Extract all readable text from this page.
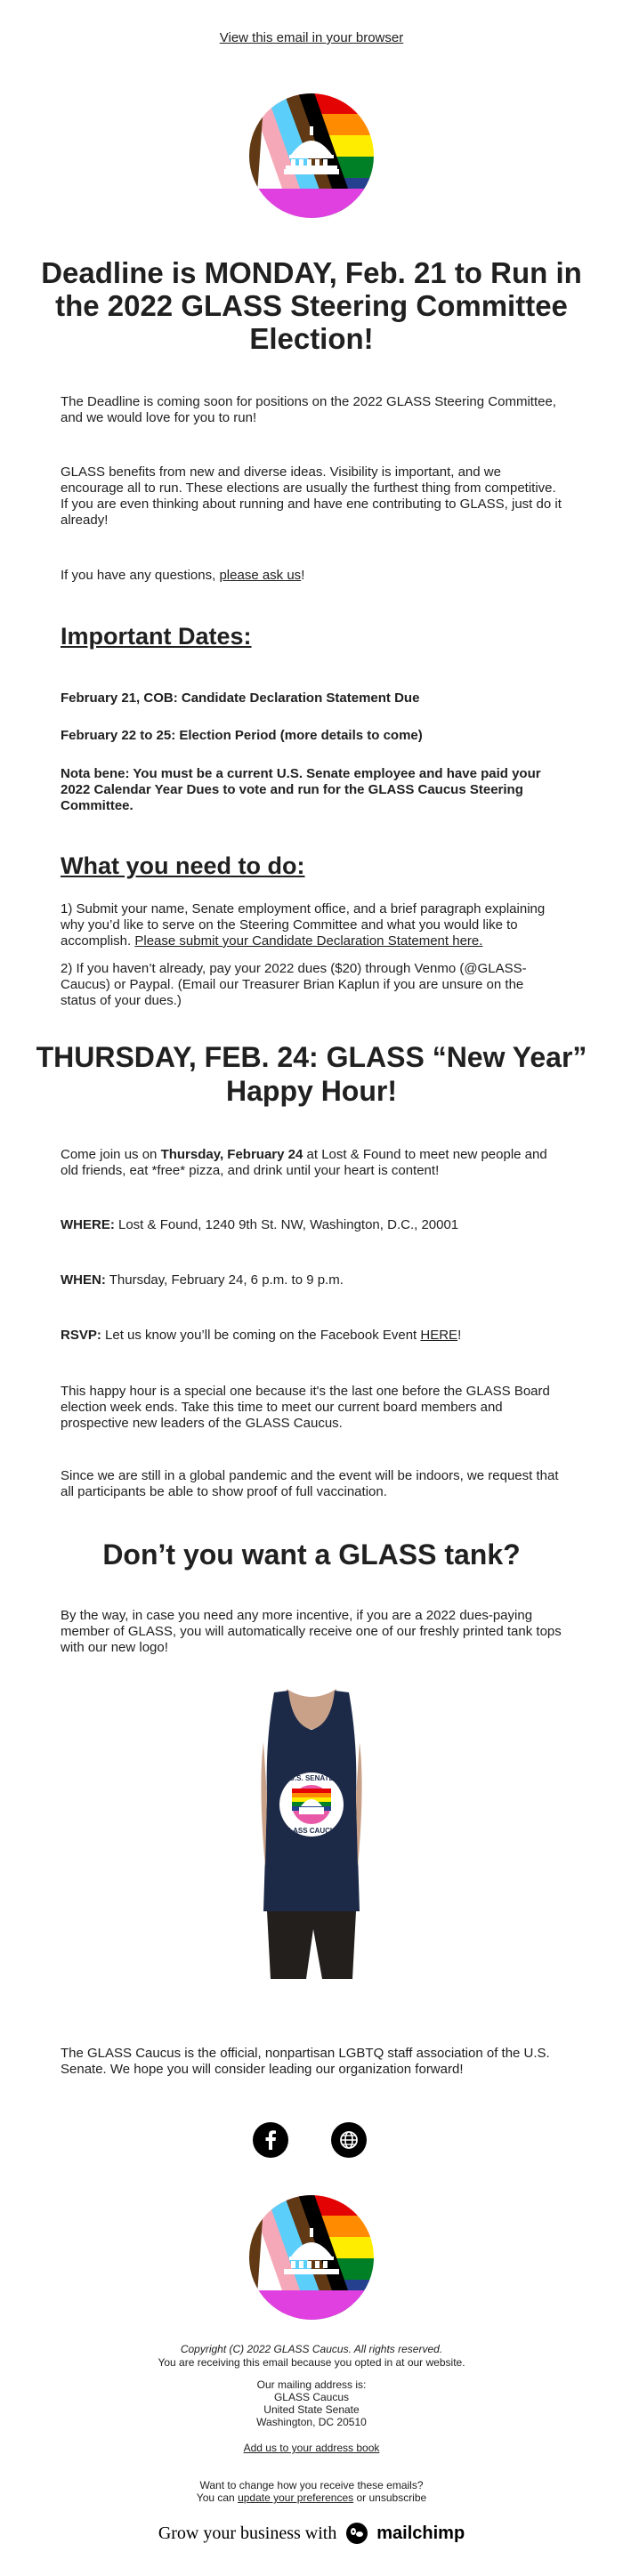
View this email in your browser
Deadline is MONDAY, Feb. 21 to Run in the 2022 GLASS Steering Committee Election!

The Deadline is coming soon for positions on the 2022 GLASS Steering Committee, and we would love for you to run!

GLASS benefits from new and diverse ideas. Visibility is important, and we encourage all to run. These elections are usually the furthest thing from competitive. If you are even thinking about running and have ene contributing to GLASS, just do it already!

If you have any questions, please ask us!

Important Dates:

February 21, COB: Candidate Declaration Statement Due

February 22 to 25: Election Period (more details to come)

Nota bene: You must be a current U.S. Senate employee and have paid your 2022 Calendar Year Dues to vote and run for the GLASS Caucus Steering Committee.

What you need to do:

1) Submit your name, Senate employment office, and a brief paragraph explaining why you’d like to serve on the Steering Committee and what you would like to accomplish. Please submit your Candidate Declaration Statement here.

2) If you haven’t already, pay your 2022 dues ($20) through Venmo (@GLASS-Caucus) or Paypal. (Email our Treasurer Brian Kaplun if you are unsure on the status of your dues.)

THURSDAY, FEB. 24: GLASS “New Year” Happy Hour!

Come join us on Thursday, February 24 at Lost & Found to meet new people and old friends, eat *free* pizza, and drink until your heart is content!

WHERE: Lost & Found, 1240 9th St. NW, Washington, D.C., 20001

WHEN: Thursday, February 24, 6 p.m. to 9 p.m.

RSVP: Let us know you’ll be coming on the Facebook Event HERE!

This happy hour is a special one because it's the last one before the GLASS Board election week ends. Take this time to meet our current board members and prospective new leaders of the GLASS Caucus.

Since we are still in a global pandemic and the event will be indoors, we request that all participants be able to show proof of full vaccination.

Don’t you want a GLASS tank?

By the way, in case you need any more incentive, if you are a 2022 dues-paying member of GLASS, you will automatically receive one of our freshly printed tank tops with our new logo!

U.S. SENATE
GLASS CAUCUS

The GLASS Caucus is the official, nonpartisan LGBTQ staff association of the U.S. Senate. We hope you will consider leading our organization forward!

Copyright (C) 2022 GLASS Caucus. All rights reserved.
You are receiving this email because you opted in at our website.
Our mailing address is:
GLASS Caucus
United State Senate
Washington, DC 20510
Add us to your address book
Want to change how you receive these emails?
You can update your preferences or unsubscribe
Grow your business with mailchimp
